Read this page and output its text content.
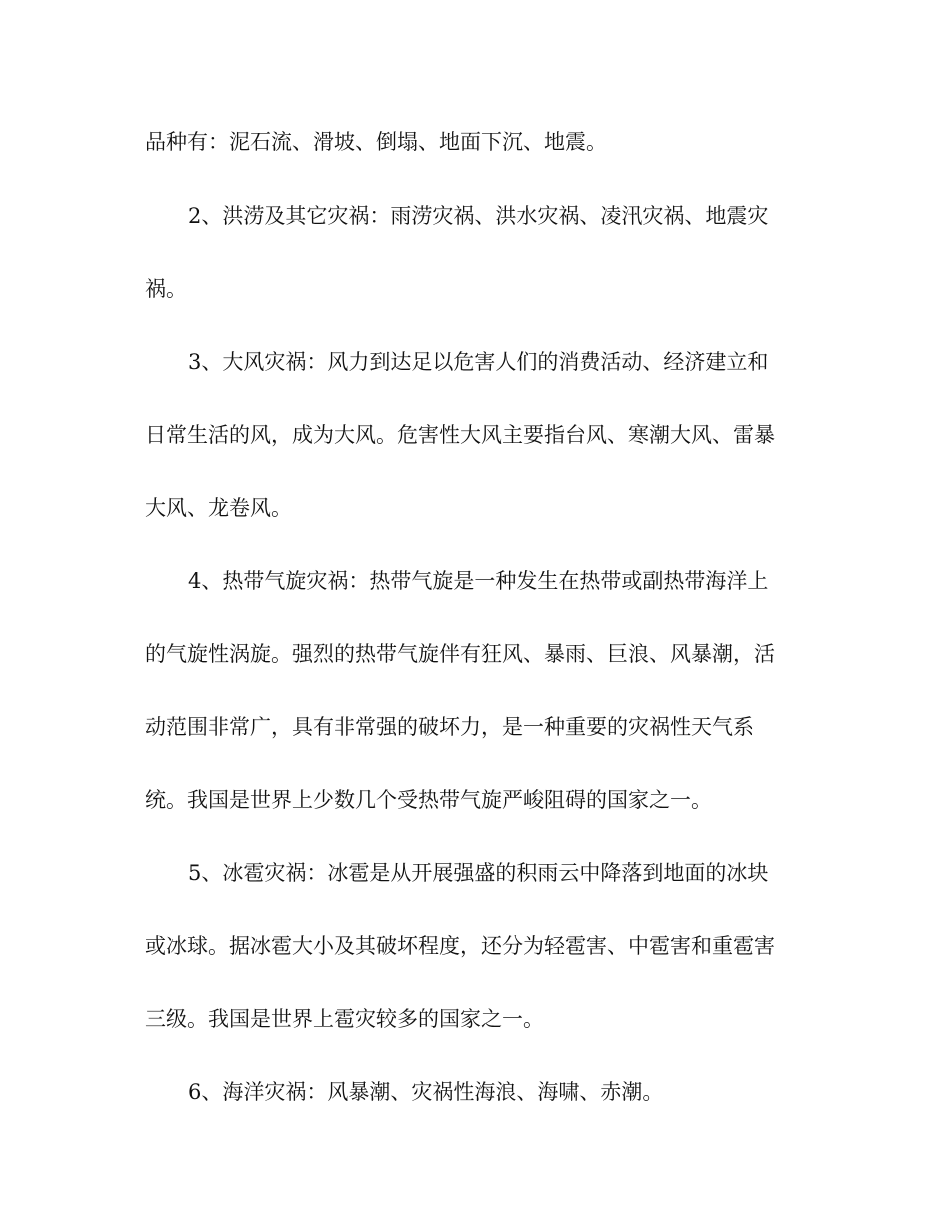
品种有：泥石流、滑坡、倒塌、地面下沉、地震。

2、洪涝及其它灾祸：雨涝灾祸、洪水灾祸、凌汛灾祸、地震灾

祸。

3、大风灾祸：风力到达足以危害人们的消费活动、经济建立和

日常生活的风，成为大风。危害性大风主要指台风、寒潮大风、雷暴

大风、龙卷风。

4、热带气旋灾祸：热带气旋是一种发生在热带或副热带海洋上

的气旋性涡旋。强烈的热带气旋伴有狂风、暴雨、巨浪、风暴潮，活

动范围非常广，具有非常强的破坏力，是一种重要的灾祸性天气系

统。我国是世界上少数几个受热带气旋严峻阻碍的国家之一。

5、冰雹灾祸：冰雹是从开展强盛的积雨云中降落到地面的冰块

或冰球。据冰雹大小及其破坏程度，还分为轻雹害、中雹害和重雹害

三级。我国是世界上雹灾较多的国家之一。

6、海洋灾祸：风暴潮、灾祸性海浪、海啸、赤潮。
